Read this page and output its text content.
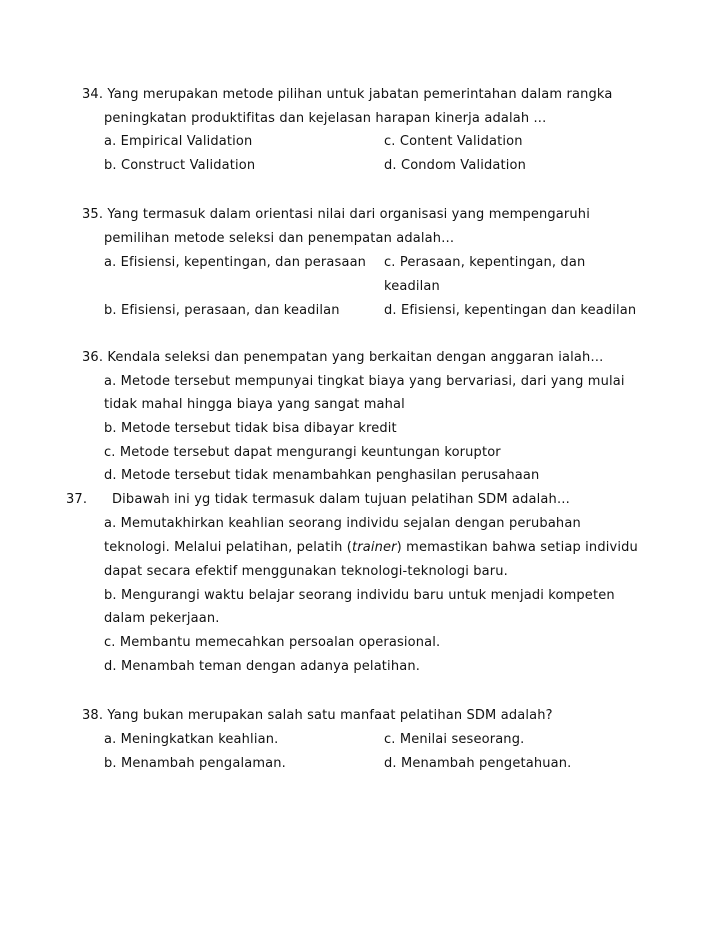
34. Yang merupakan metode pilihan untuk jabatan pemerintahan dalam rangka
peningkatan produktifitas dan kejelasan harapan kinerja adalah ...
a. Empirical Validation	c. Content Validation
b. Construct Validation	d. Condom Validation
35. Yang termasuk dalam orientasi nilai dari organisasi yang mempengaruhi
pemilihan metode seleksi dan penempatan adalah…
a. Efisiensi, kepentingan, dan perasaan c. Perasaan, kepentingan, dan
keadilan
b. Efisiensi, perasaan, dan keadilan	d. Efisiensi, kepentingan dan keadilan
36. Kendala seleksi dan penempatan yang berkaitan dengan anggaran ialah…
a. Metode tersebut mempunyai tingkat biaya yang bervariasi, dari yang mulai
tidak mahal hingga biaya yang sangat mahal
b. Metode tersebut tidak bisa dibayar kredit
c. Metode tersebut dapat mengurangi keuntungan koruptor
d. Metode tersebut tidak menambahkan penghasilan perusahaan
37. Dibawah ini yg tidak termasuk dalam tujuan pelatihan SDM adalah…
a. Memutakhirkan keahlian seorang individu sejalan dengan perubahan
teknologi. Melalui pelatihan, pelatih (trainer) memastikan bahwa setiap individu
dapat secara efektif menggunakan teknologi-teknologi baru.
b. Mengurangi waktu belajar seorang individu baru untuk menjadi kompeten
dalam pekerjaan.
c. Membantu memecahkan persoalan operasional.
d. Menambah teman dengan adanya pelatihan.
38. Yang bukan merupakan salah satu manfaat pelatihan SDM adalah?
a. Meningkatkan keahlian.	c. Menilai seseorang.
b. Menambah pengalaman.	d. Menambah pengetahuan.
